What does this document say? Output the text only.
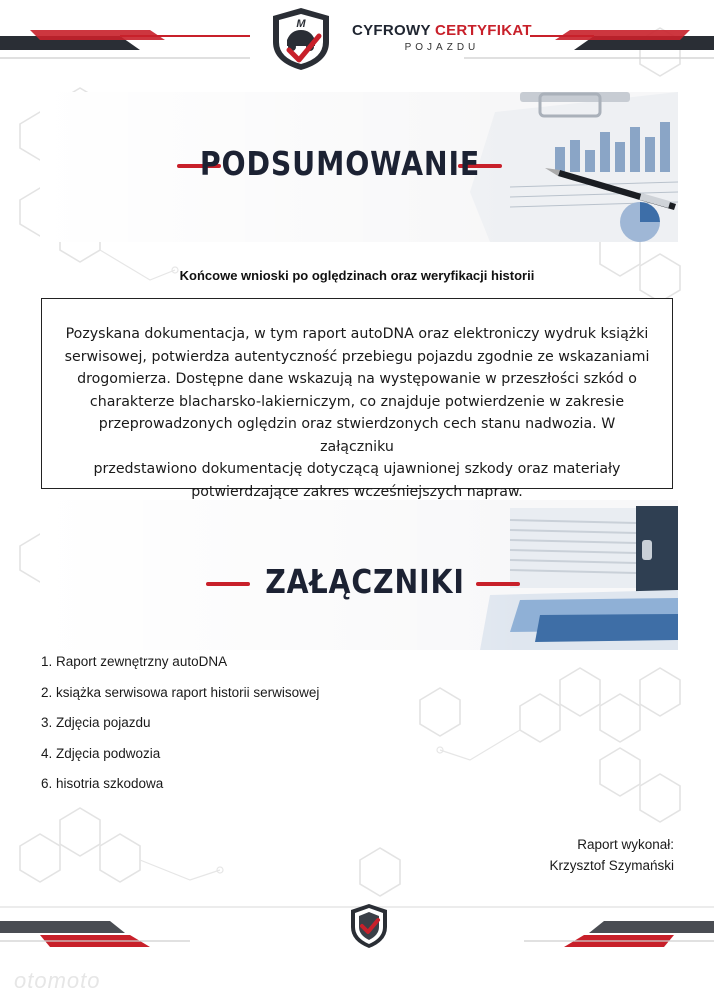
M	CYFROWY CERTYFIKAT
POJAZDU
PODSUMOWANIE
Końcowe wnioski po oględzinach oraz weryfikacji historii

Pozyskana dokumentacja, w tym raport autoDNA oraz elektroniczy wydruk książki
serwisowej, potwierdza autentyczność przebiegu pojazdu zgodnie ze wskazaniami
drogomierza. Dostępne dane wskazują na występowanie w przeszłości szkód o
charakterze blacharsko-lakierniczym, co znajduje potwierdzenie w zakresie
przeprowadzonych oględzin oraz stwierdzonych cech stanu nadwozia. W załączniku
przedstawiono dokumentację dotyczącą ujawnionej szkody oraz materiały
potwierdzające zakres wcześniejszych napraw.

ZAŁĄCZNIKI
1. Raport zewnętrzny autoDNA
2. książka serwisowa raport historii serwisowej
3. Zdjęcia pojazdu
4. Zdjęcia podwozia
6. hisotria szkodowa
Raport wykonał:
Krzysztof Szymański
otomoto
